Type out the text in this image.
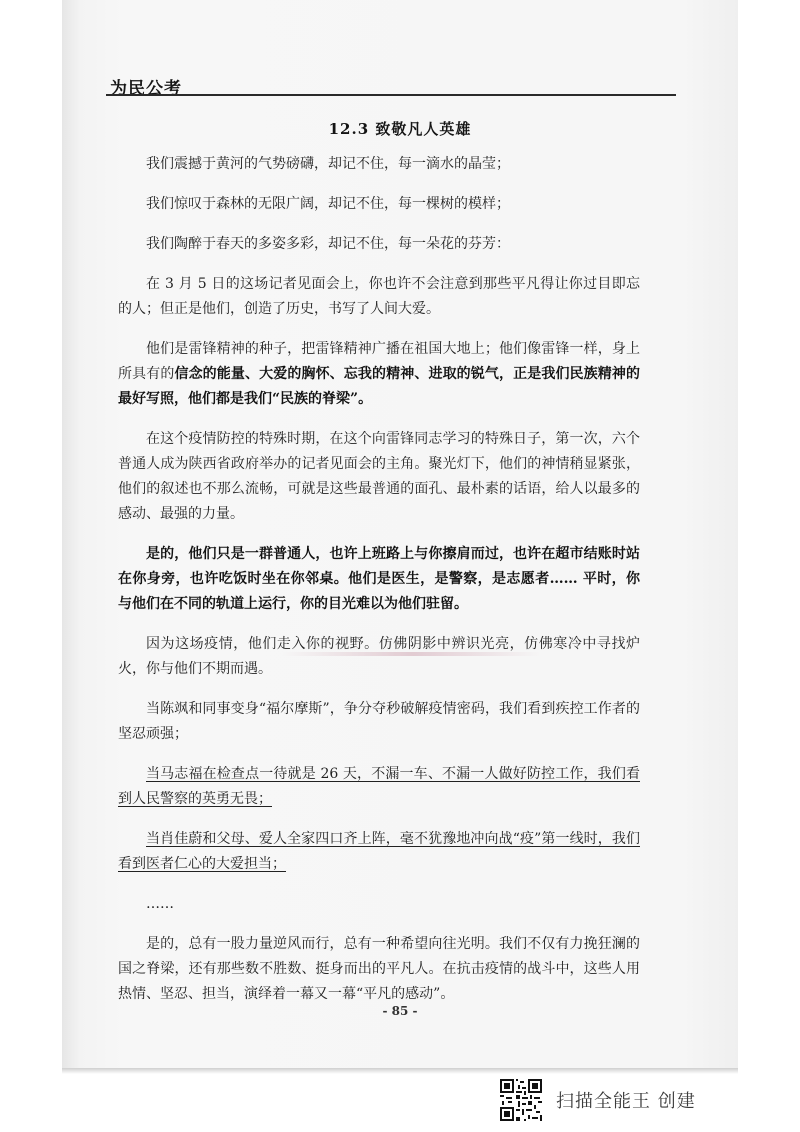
为民公考
12.3 致敬凡人英雄

我们震撼于黄河的气势磅礴，却记不住，每一滴水的晶莹；

我们惊叹于森林的无限广阔，却记不住，每一棵树的模样；

我们陶醉于春天的多姿多彩，却记不住，每一朵花的芬芳：

在 3 月 5 日的这场记者见面会上，你也许不会注意到那些平凡得让你过目即忘的人；但正是他们，创造了历史，书写了人间大爱。

他们是雷锋精神的种子，把雷锋精神广播在祖国大地上；他们像雷锋一样，身上所具有的信念的能量、大爱的胸怀、忘我的精神、进取的锐气，正是我们民族精神的最好写照，他们都是我们“民族的脊梁”。

在这个疫情防控的特殊时期，在这个向雷锋同志学习的特殊日子，第一次，六个普通人成为陕西省政府举办的记者见面会的主角。聚光灯下，他们的神情稍显紧张，他们的叙述也不那么流畅，可就是这些最普通的面孔、最朴素的话语，给人以最多的感动、最强的力量。

是的，他们只是一群普通人，也许上班路上与你擦肩而过，也许在超市结账时站在你身旁，也许吃饭时坐在你邻桌。他们是医生，是警察，是志愿者…… 平时，你与他们在不同的轨道上运行，你的目光难以为他们驻留。

因为这场疫情，他们走入你的视野。仿佛阴影中辨识光亮，仿佛寒冷中寻找炉火，你与他们不期而遇。

当陈飒和同事变身“福尔摩斯”，争分夺秒破解疫情密码，我们看到疾控工作者的坚忍顽强；

当马志福在检查点一待就是 26 天，不漏一车、不漏一人做好防控工作，我们看到人民警察的英勇无畏；

当肖佳蔚和父母、爱人全家四口齐上阵，毫不犹豫地冲向战“疫”第一线时，我们看到医者仁心的大爱担当；

……

是的，总有一股力量逆风而行，总有一种希望向往光明。我们不仅有力挽狂澜的国之脊梁，还有那些数不胜数、挺身而出的平凡人。在抗击疫情的战斗中，这些人用热情、坚忍、担当，演绎着一幕又一幕“平凡的感动”。

- 85 -
扫描全能王 创建
